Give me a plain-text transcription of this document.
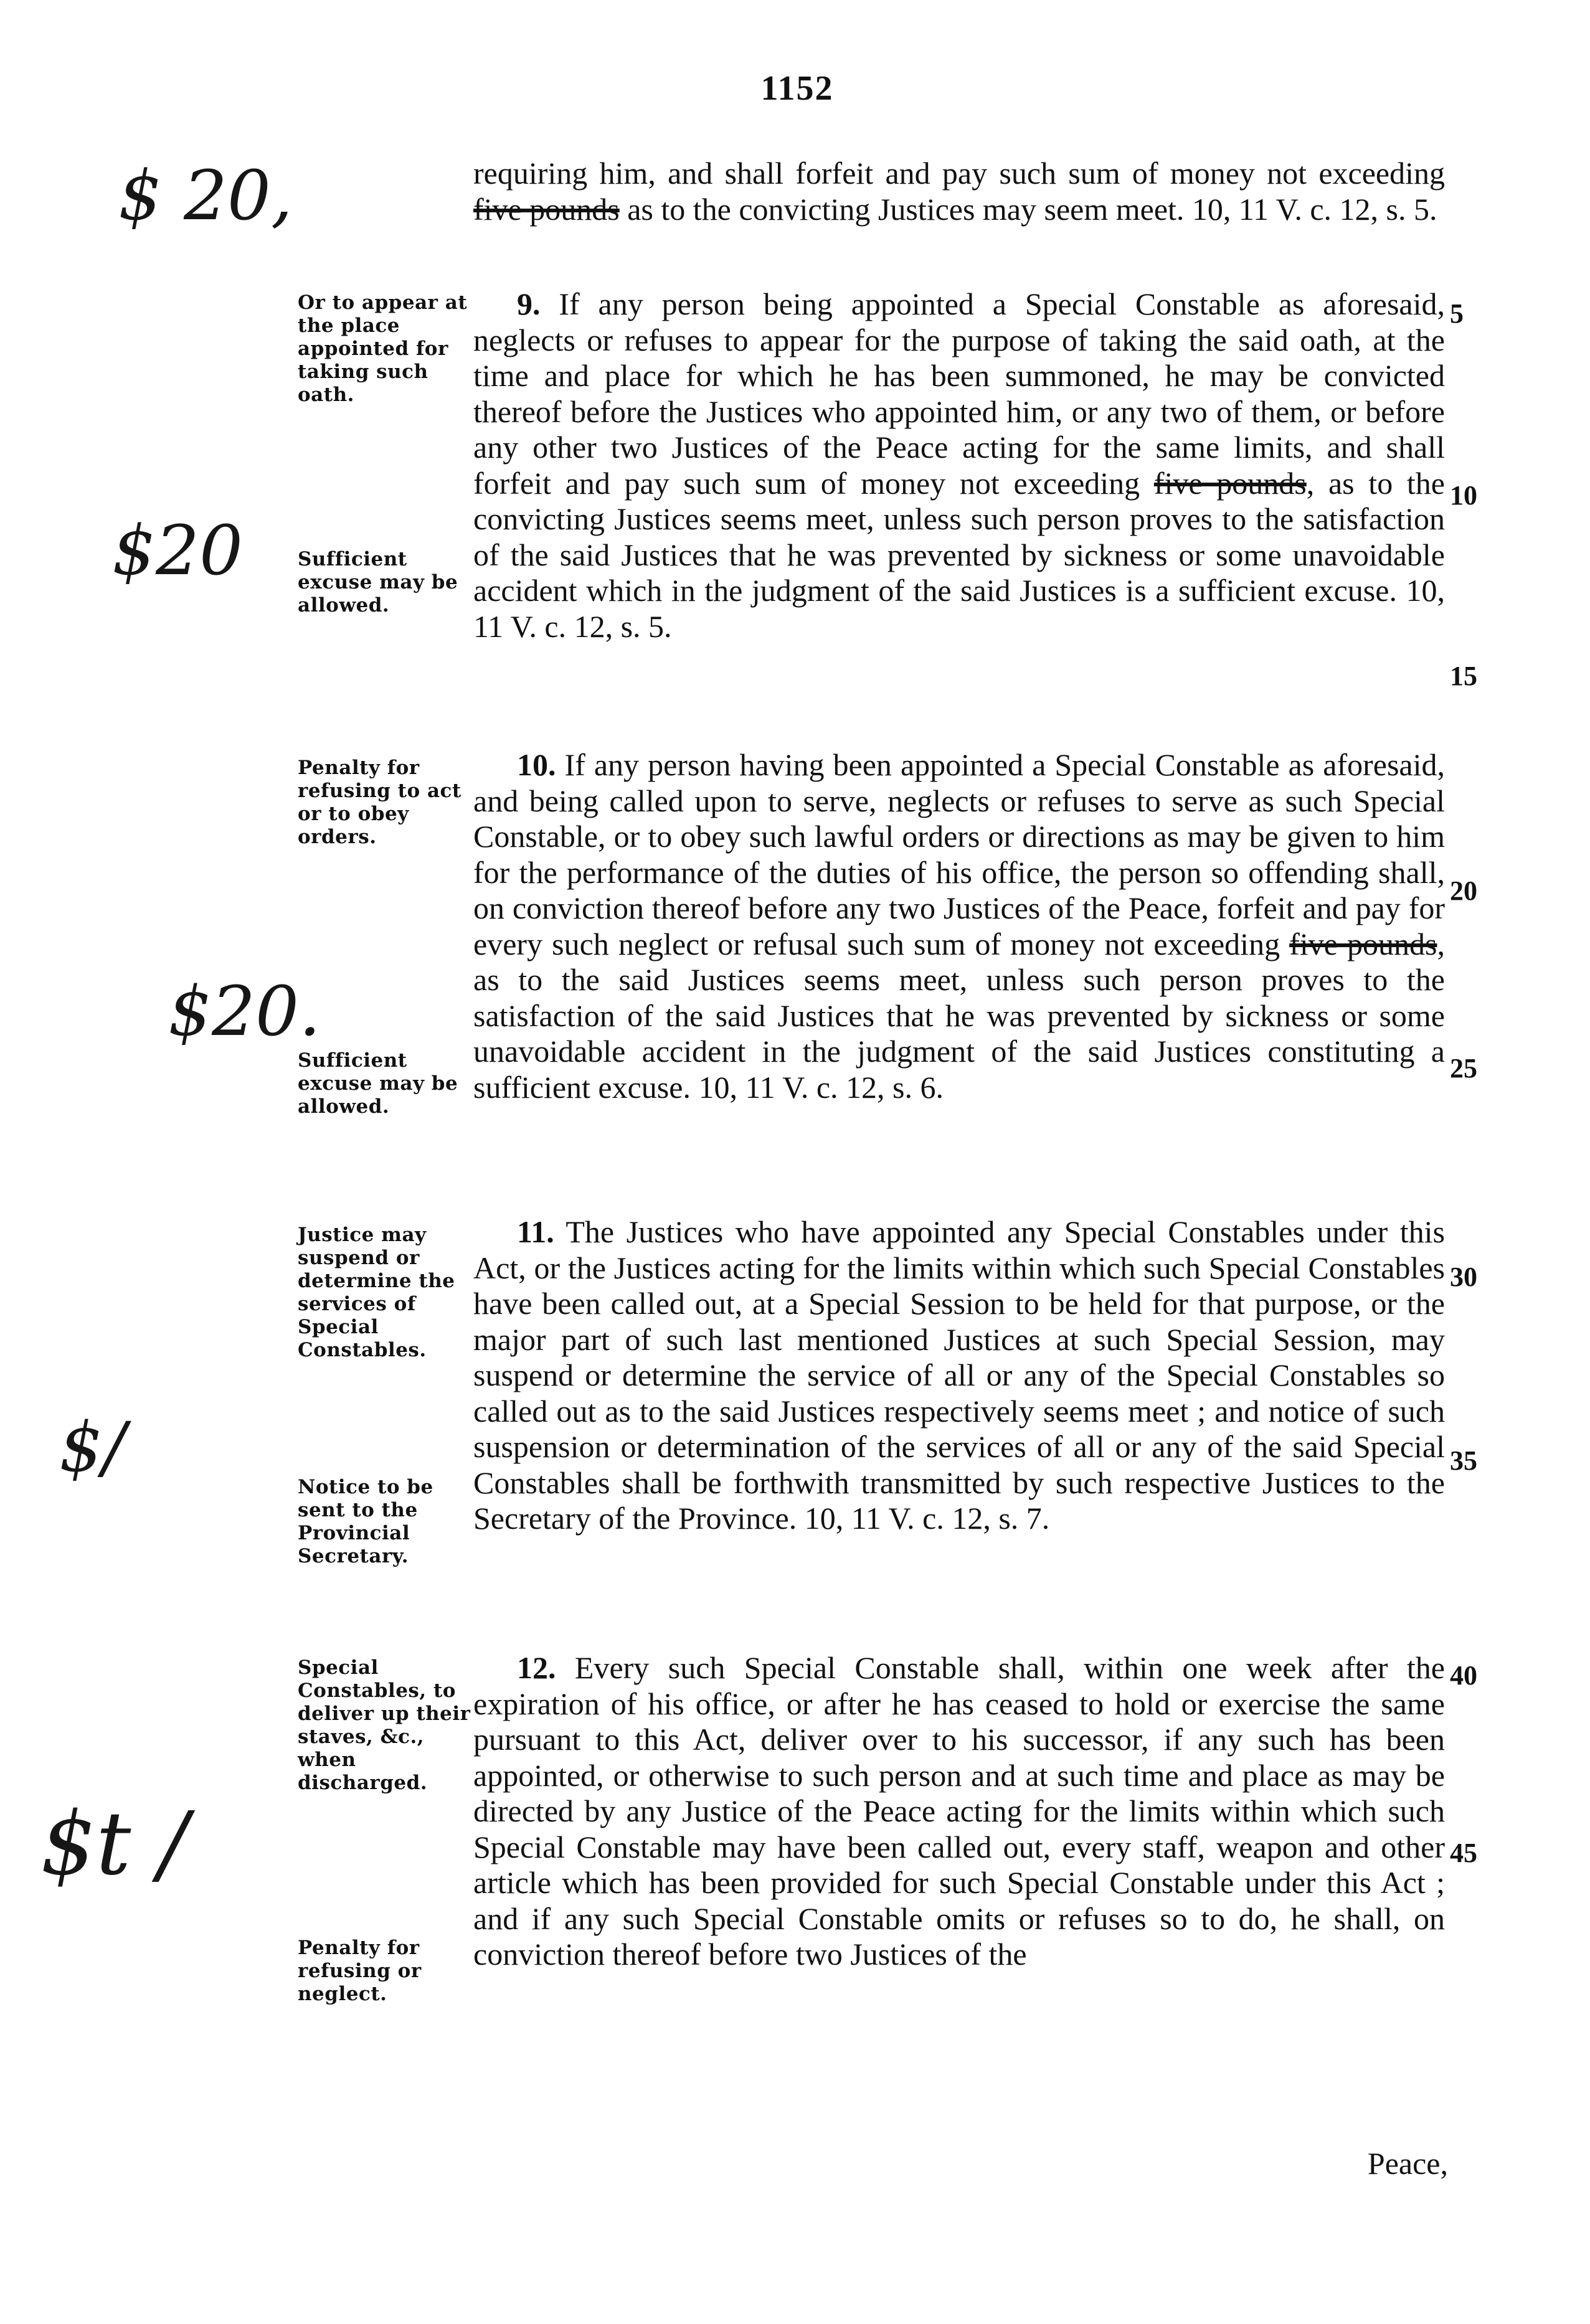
1152
$ 20,
$20
$20.
$/
$t /

requiring him, and shall forfeit and pay such sum of money not exceeding five pounds as to the convicting Justices may seem meet. 10, 11 V. c. 12, s. 5.

9. If any person being appointed a Special Constable as aforesaid, neglects or refuses to appear for the purpose of taking the said oath, at the time and place for which he has been summoned, he may be convicted thereof before the Justices who appointed him, or any two of them, or before any other two Justices of the Peace acting for the same limits, and shall forfeit and pay such sum of money not exceeding five pounds, as to the convicting Justices seems meet, unless such person proves to the satisfaction of the said Justices that he was prevented by sickness or some unavoidable accident which in the judgment of the said Justices is a sufficient excuse. 10, 11 V. c. 12, s. 5.

10. If any person having been appointed a Special Constable as aforesaid, and being called upon to serve, neglects or refuses to serve as such Special Constable, or to obey such lawful orders or directions as may be given to him for the performance of the duties of his office, the person so offending shall, on conviction thereof before any two Justices of the Peace, forfeit and pay for every such neglect or refusal such sum of money not exceeding five pounds, as to the said Justices seems meet, unless such person proves to the satisfaction of the said Justices that he was prevented by sickness or some unavoidable accident in the judgment of the said Justices constituting a sufficient excuse. 10, 11 V. c. 12, s. 6.

11. The Justices who have appointed any Special Constables under this Act, or the Justices acting for the limits within which such Special Constables have been called out, at a Special Session to be held for that purpose, or the major part of such last mentioned Justices at such Special Session, may suspend or determine the service of all or any of the Special Constables so called out as to the said Justices respectively seems meet ; and notice of such suspension or determination of the services of all or any of the said Special Constables shall be forthwith transmitted by such respective Justices to the Secretary of the Province. 10, 11 V. c. 12, s. 7.

12. Every such Special Constable shall, within one week after the expiration of his office, or after he has ceased to hold or exercise the same pursuant to this Act, deliver over to his successor, if any such has been appointed, or otherwise to such person and at such time and place as may be directed by any Justice of the Peace acting for the limits within which such Special Constable may have been called out, every staff, weapon and other article which has been provided for such Special Constable under this Act ; and if any such Special Constable omits or refuses so to do, he shall, on conviction thereof before two Justices of the

Peace,
Or to appear at the place appointed for taking such oath.
Sufficient excuse may be allowed.
Penalty for refusing to act or to obey orders.
Sufficient excuse may be allowed.
Justice may suspend or determine the services of Special Constables.
Notice to be sent to the Provincial Secretary.
Special Constables, to deliver up their staves, &c., when discharged.
Penalty for refusing or neglect.
5
10
15
20
25
30
35
40
45
